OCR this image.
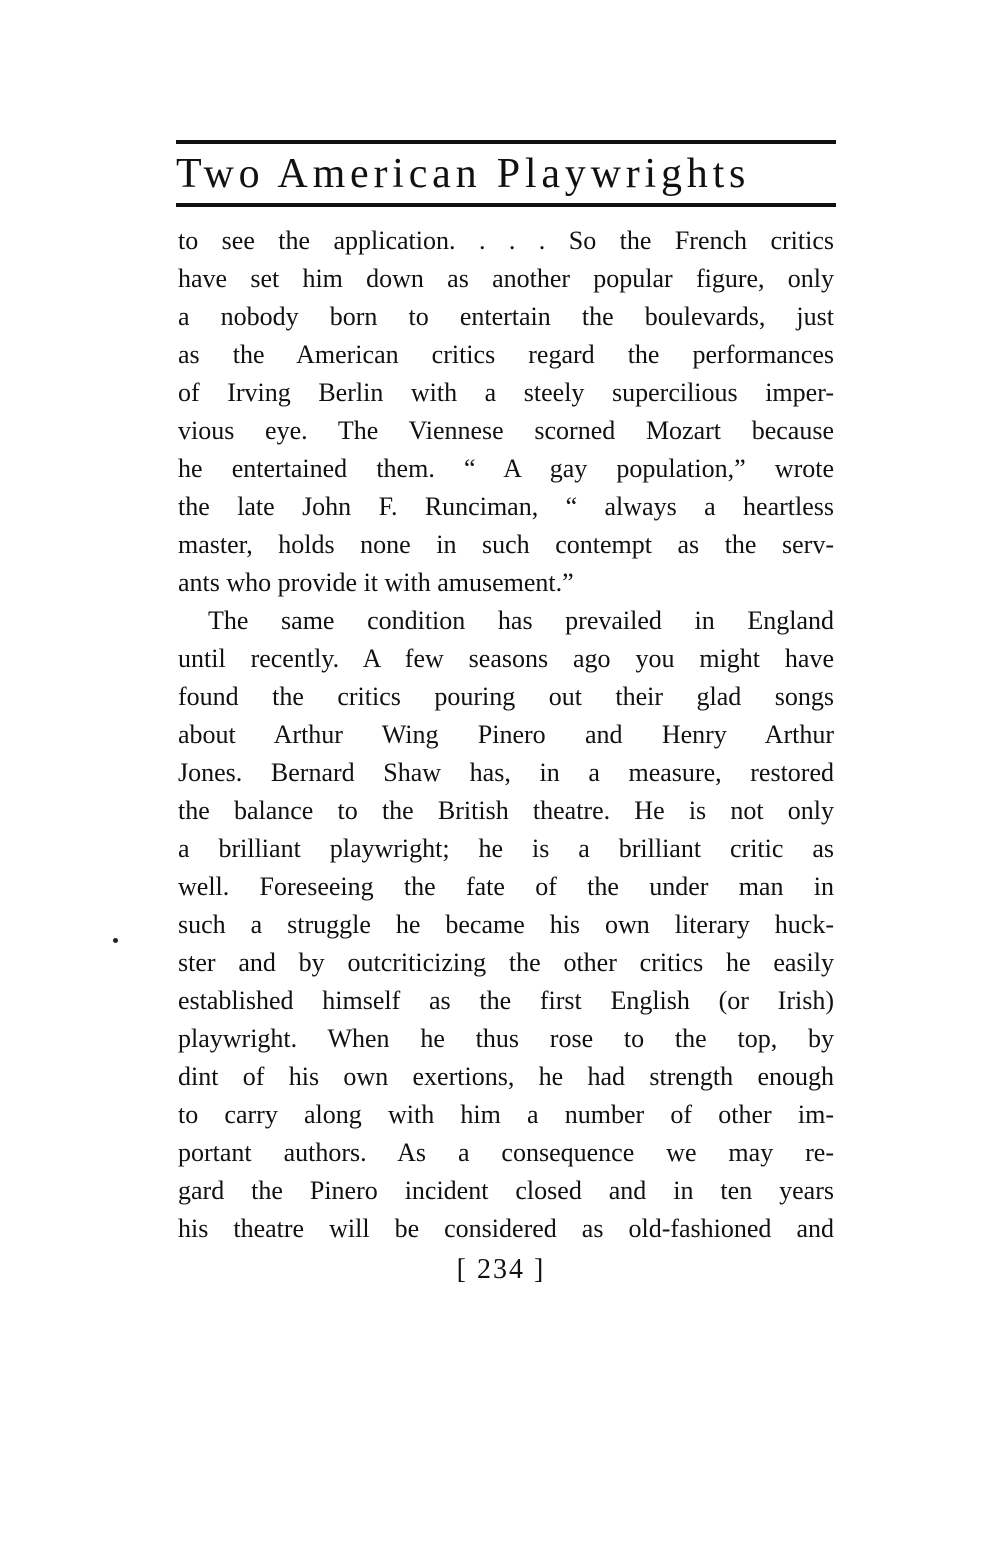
Two American Playwrights
to see the application. . . . So the French critics
have set him down as another popular figure, only
a nobody born to entertain the boulevards, just
as the American critics regard the performances
of Irving Berlin with a steely supercilious imper-
vious eye. The Viennese scorned Mozart because
he entertained them. “ A gay population,” wrote
the late John F. Runciman, “ always a heartless
master, holds none in such contempt as the serv-
ants who provide it with amusement.”
The same condition has prevailed in England
until recently. A few seasons ago you might have
found the critics pouring out their glad songs
about Arthur Wing Pinero and Henry Arthur
Jones. Bernard Shaw has, in a measure, restored
the balance to the British theatre. He is not only
a brilliant playwright; he is a brilliant critic as
well. Foreseeing the fate of the under man in
such a struggle he became his own literary huck-
ster and by outcriticizing the other critics he easily
established himself as the first English (or Irish)
playwright. When he thus rose to the top, by
dint of his own exertions, he had strength enough
to carry along with him a number of other im-
portant authors. As a consequence we may re-
gard the Pinero incident closed and in ten years
his theatre will be considered as old-fashioned and
[ 234 ]
